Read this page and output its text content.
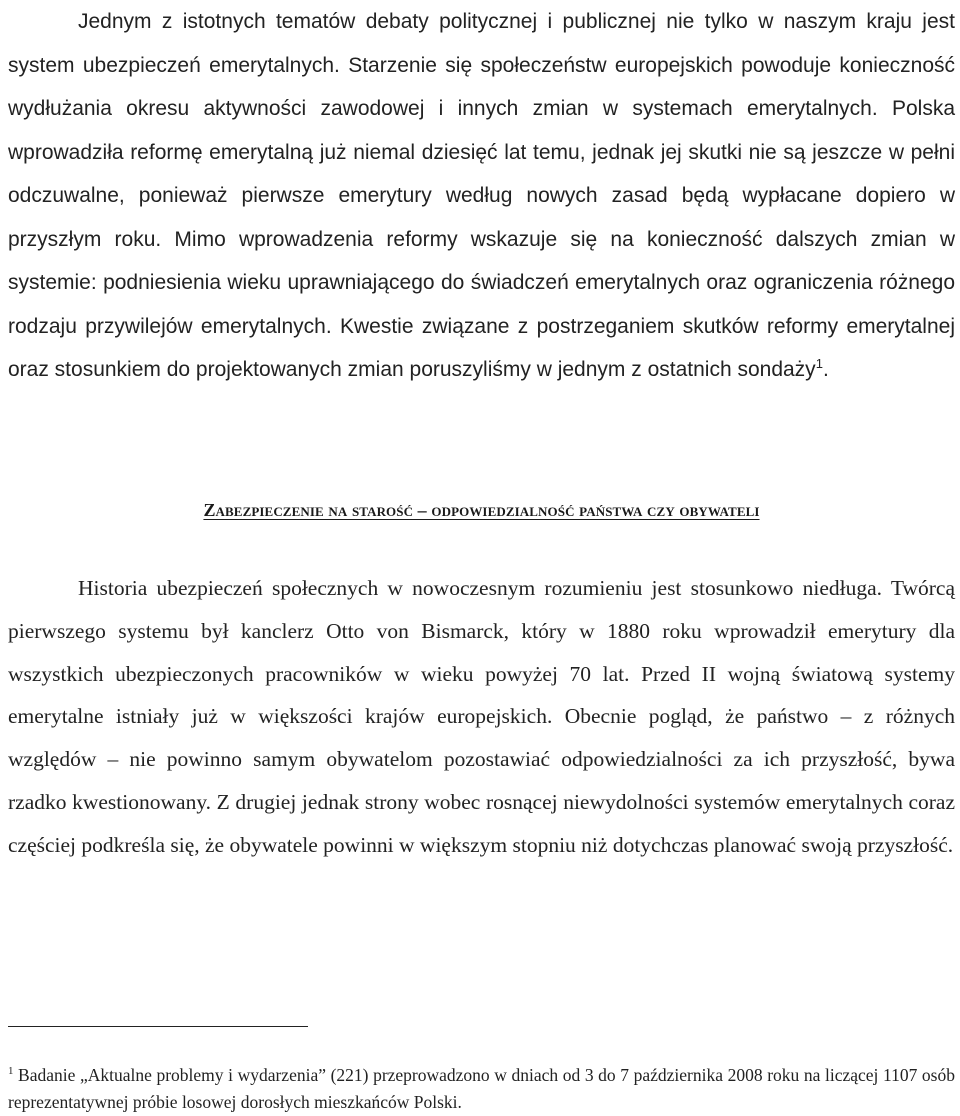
Jednym z istotnych tematów debaty politycznej i publicznej nie tylko w naszym kraju jest system ubezpieczeń emerytalnych. Starzenie się społeczeństw europejskich powoduje konieczność wydłużania okresu aktywności zawodowej i innych zmian w systemach emerytalnych. Polska wprowadziła reformę emerytalną już niemal dziesięć lat temu, jednak jej skutki nie są jeszcze w pełni odczuwalne, ponieważ pierwsze emerytury według nowych zasad będą wypłacane dopiero w przyszłym roku. Mimo wprowadzenia reformy wskazuje się na konieczność dalszych zmian w systemie: podniesienia wieku uprawniającego do świadczeń emerytalnych oraz ograniczenia różnego rodzaju przywilejów emerytalnych. Kwestie związane z postrzeganiem skutków reformy emerytalnej oraz stosunkiem do projektowanych zmian poruszyliśmy w jednym z ostatnich sondaży$^1$.

Zabezpieczenie na starość – odpowiedzialność państwa czy obywateli

Historia ubezpieczeń społecznych w nowoczesnym rozumieniu jest stosunkowo niedługa. Twórcą pierwszego systemu był kanclerz Otto von Bismarck, który w 1880 roku wprowadził emerytury dla wszystkich ubezpieczonych pracowników w wieku powyżej 70 lat. Przed II wojną światową systemy emerytalne istniały już w większości krajów europejskich. Obecnie pogląd, że państwo – z różnych względów – nie powinno samym obywatelom pozostawiać odpowiedzialności za ich przyszłość, bywa rzadko kwestionowany. Z drugiej jednak strony wobec rosnącej niewydolności systemów emerytalnych coraz częściej podkreśla się, że obywatele powinni w większym stopniu niż dotychczas planować swoją przyszłość.

$^1$ Badanie „Aktualne problemy i wydarzenia” (221) przeprowadzono w dniach od 3 do 7 października 2008 roku na liczącej 1107 osób reprezentatywnej próbie losowej dorosłych mieszkańców Polski.
